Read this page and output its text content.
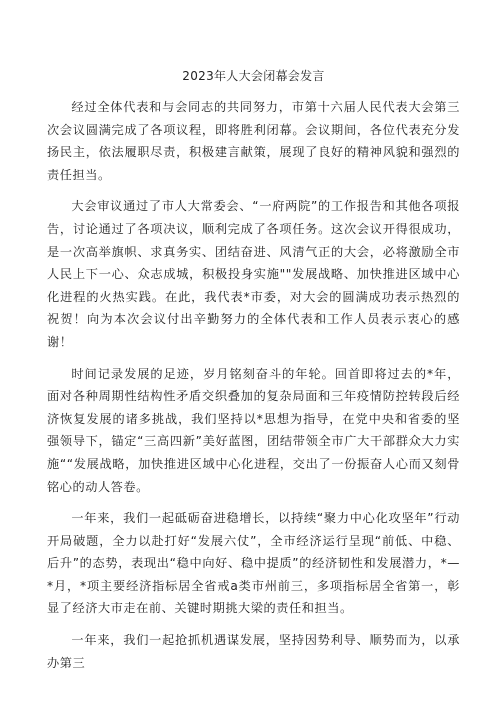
2023年人大会闭幕会发言

经过全体代表和与会同志的共同努力，市第十六届人民代表大会第三次会议圆满完成了各项议程，即将胜利闭幕。会议期间，各位代表充分发扬民主，依法履职尽责，积极建言献策，展现了良好的精神风貌和强烈的责任担当。

大会审议通过了市人大常委会、“一府两院”的工作报告和其他各项报告，讨论通过了各项决议，顺利完成了各项任务。这次会议开得很成功，是一次高举旗帜、求真务实、团结奋进、风清气正的大会，必将激励全市人民上下一心、众志成城，积极投身实施""发展战略、加快推进区域中心化进程的火热实践。在此，我代表*市委，对大会的圆满成功表示热烈的祝贺！向为本次会议付出辛勤努力的全体代表和工作人员表示衷心的感谢！

时间记录发展的足迹，岁月铭刻奋斗的年轮。回首即将过去的*年，面对各种周期性结构性矛盾交织叠加的复杂局面和三年疫情防控转段后经济恢复发展的诸多挑战，我们坚持以*思想为指导，在党中央和省委的坚强领导下，锚定“三高四新”美好蓝图，团结带领全市广大干部群众大力实施““发展战略，加快推进区域中心化进程，交出了一份振奋人心而又刻骨铭心的动人答卷。

一年来，我们一起砥砺奋进稳增长，以持续“聚力中心化攻坚年”行动开局破题，全力以赴打好“发展六仗”，全市经济运行呈现“前低、中稳、后升”的态势，表现出“稳中向好、稳中提质”的经济韧性和发展潜力，*—*月，*项主要经济指标居全省戒a类市州前三，多项指标居全省第一，彰显了经济大市走在前、关键时期挑大梁的责任和担当。

一年来，我们一起抢抓机遇谋发展，坚持因势利导、顺势而为，以承办第三
